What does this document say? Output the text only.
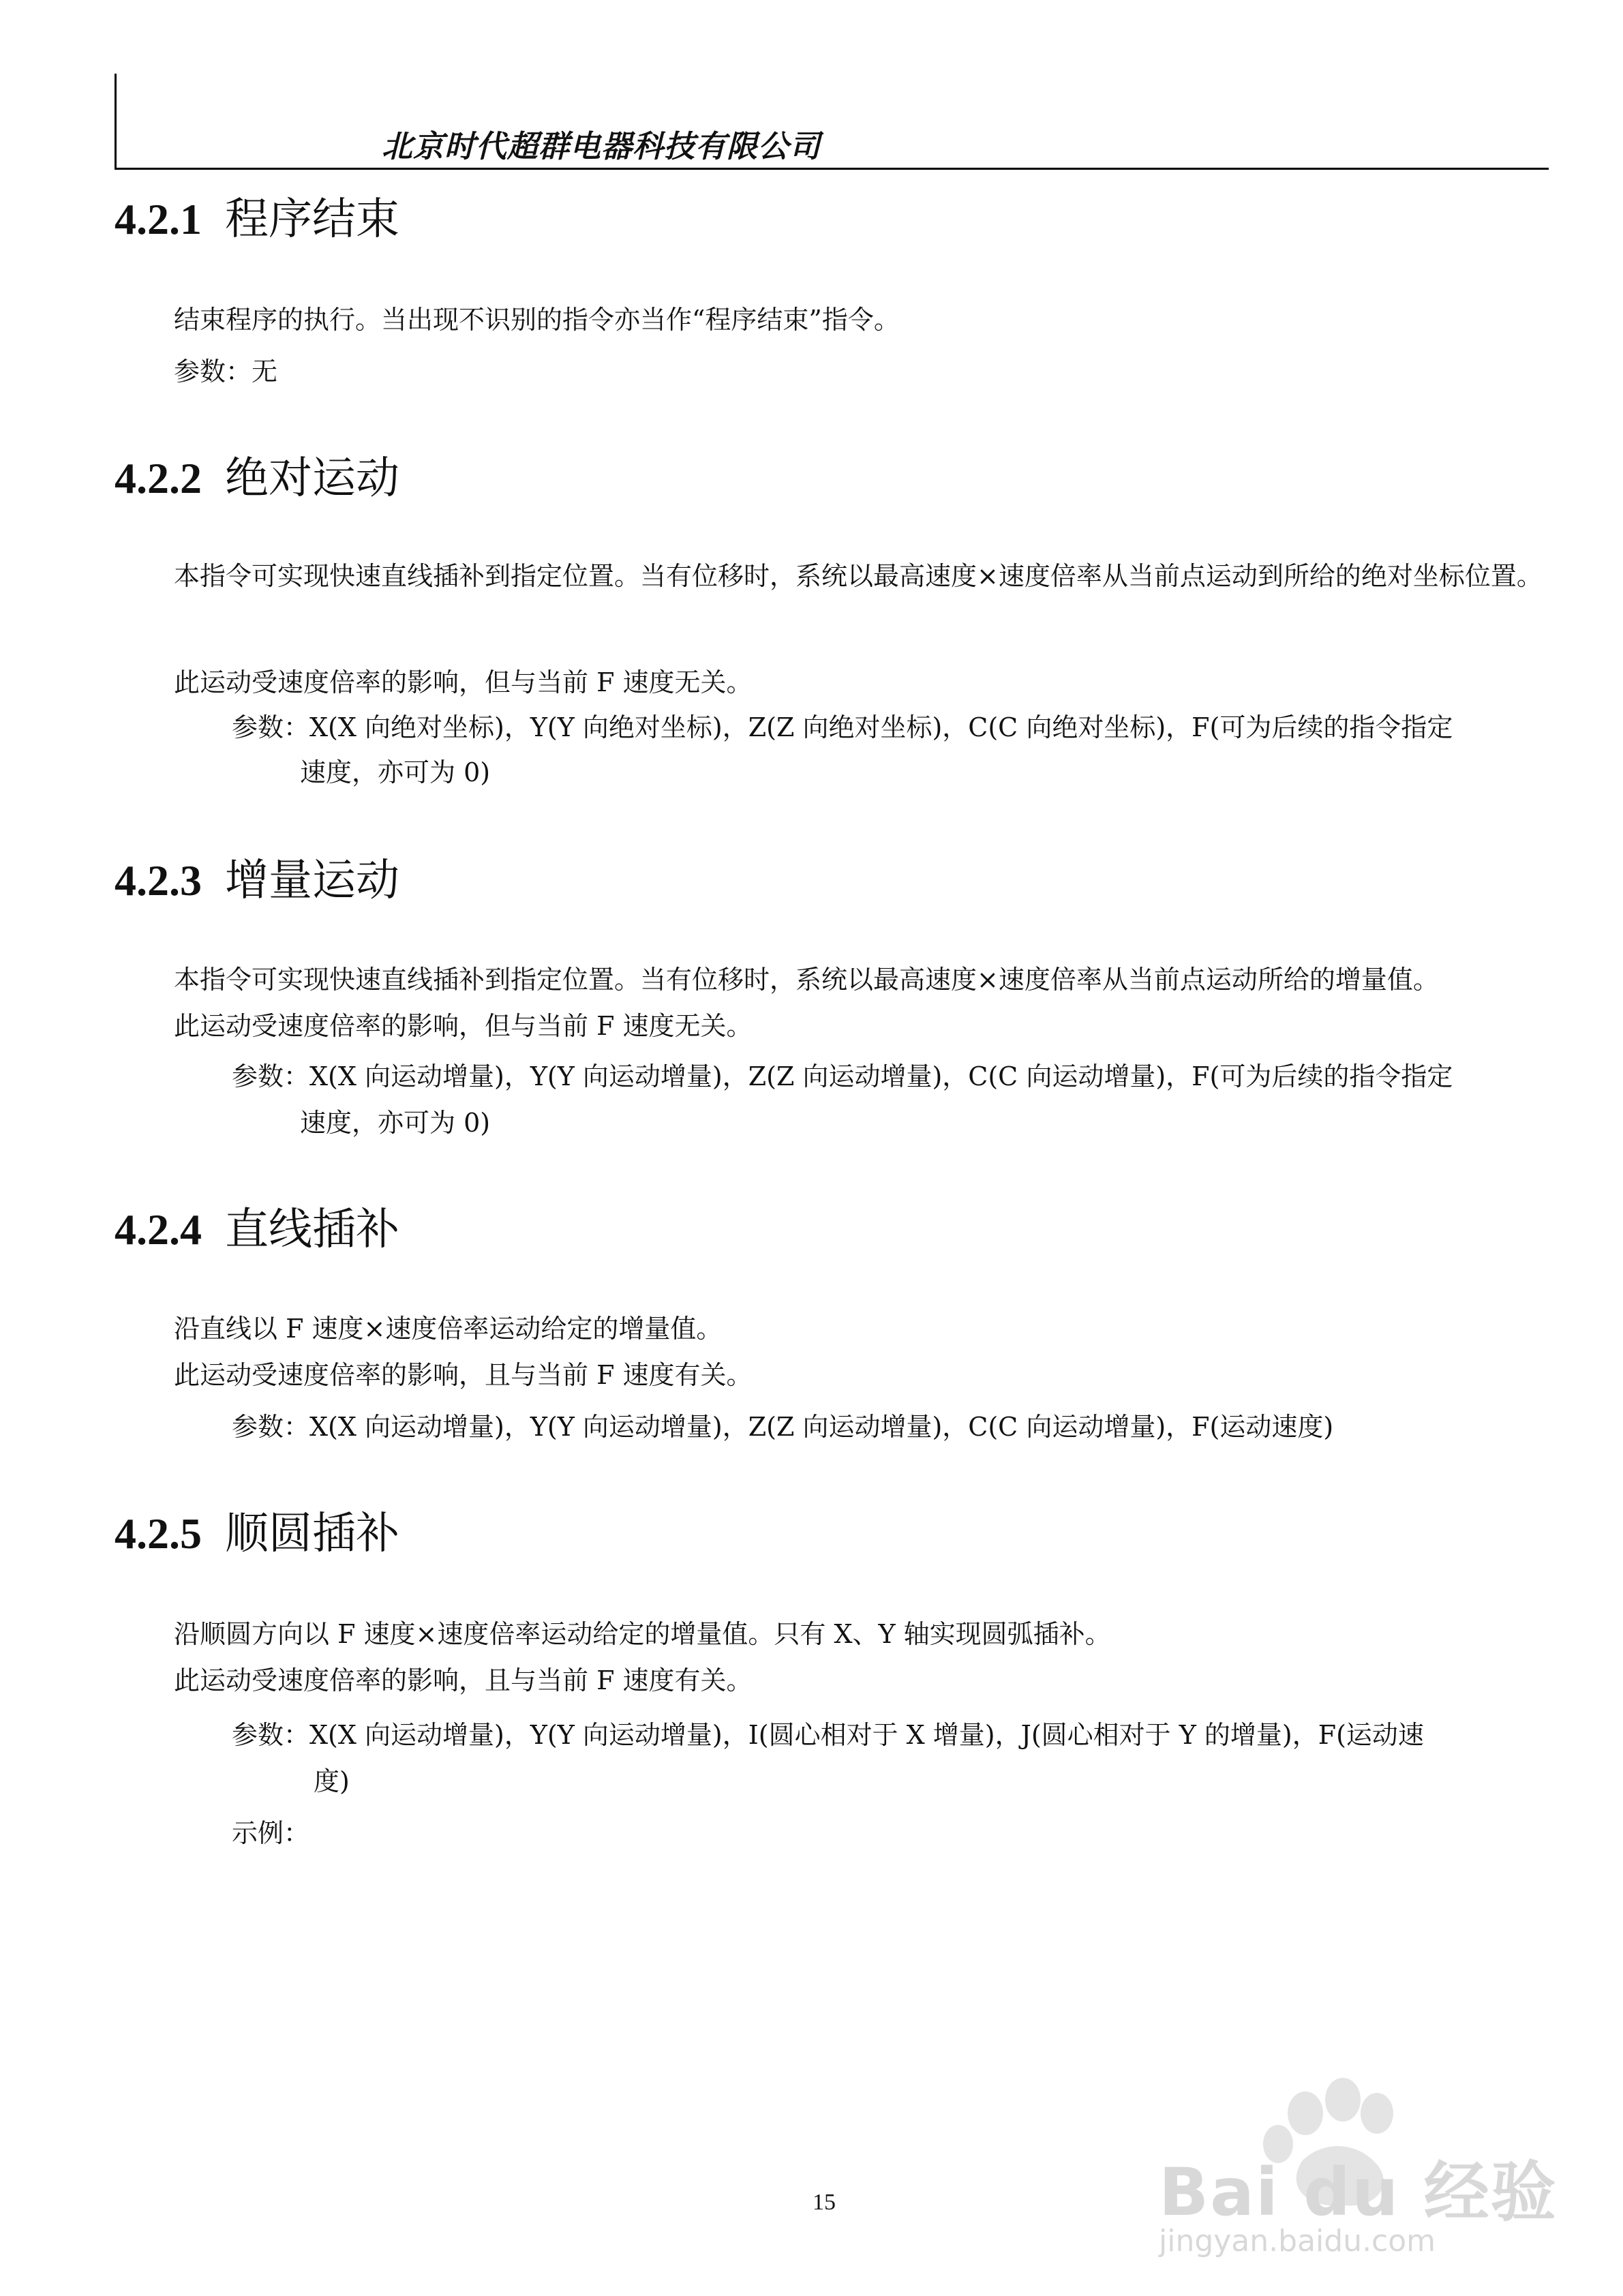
北京时代超群电器科技有限公司
4.2.1 程序结束
结束程序的执行。当出现不识别的指令亦当作“程序结束”指令。
参数：无
4.2.2 绝对运动
本指令可实现快速直线插补到指定位置。当有位移时，系统以最高速度×速度倍率从当前点运动到所给的绝对坐标位置。
此运动受速度倍率的影响，但与当前 F 速度无关。
参数：X(X 向绝对坐标)，Y(Y 向绝对坐标)，Z(Z 向绝对坐标)，C(C 向绝对坐标)，F(可为后续的指令指定
速度，亦可为 0)
4.2.3 增量运动
本指令可实现快速直线插补到指定位置。当有位移时，系统以最高速度×速度倍率从当前点运动所给的增量值。
此运动受速度倍率的影响，但与当前 F 速度无关。
参数：X(X 向运动增量)，Y(Y 向运动增量)，Z(Z 向运动增量)，C(C 向运动增量)，F(可为后续的指令指定
速度，亦可为 0)
4.2.4 直线插补
沿直线以 F 速度×速度倍率运动给定的增量值。
此运动受速度倍率的影响，且与当前 F 速度有关。
参数：X(X 向运动增量)，Y(Y 向运动增量)，Z(Z 向运动增量)，C(C 向运动增量)，F(运动速度)
4.2.5 顺圆插补
沿顺圆方向以 F 速度×速度倍率运动给定的增量值。只有 X、Y 轴实现圆弧插补。
此运动受速度倍率的影响，且与当前 F 速度有关。
参数：X(X 向运动增量)，Y(Y 向运动增量)，I(圆心相对于 X 增量)，J(圆心相对于 Y 的增量)，F(运动速
度)
示例：
15	Bai du 经验
jingyan.baidu.com
